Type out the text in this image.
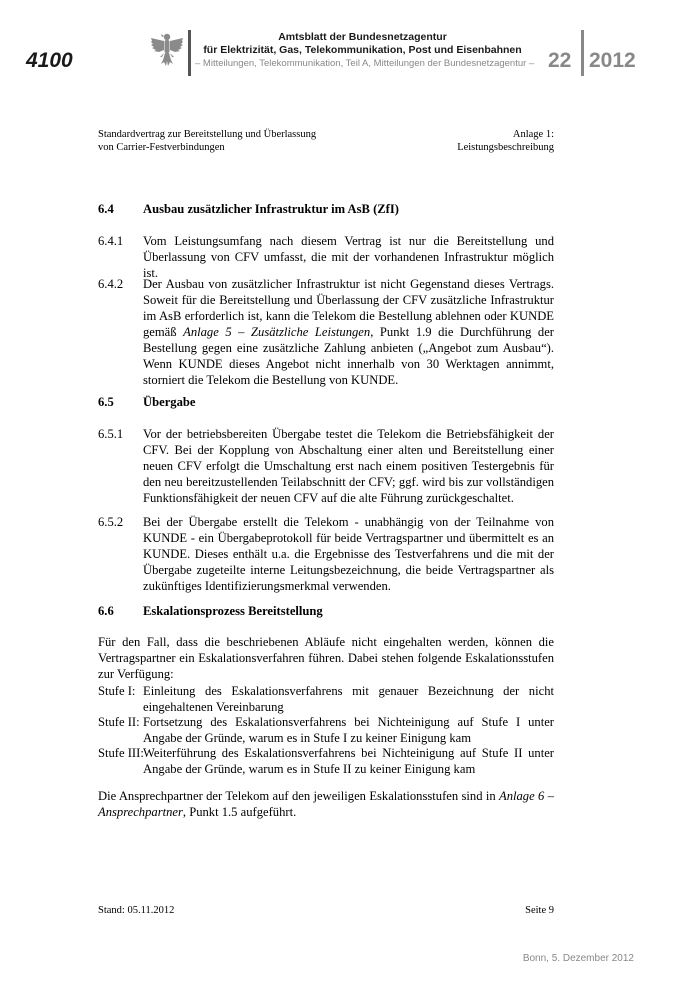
4100
Amtsblatt der Bundesnetzagentur
für Elektrizität, Gas, Telekommunikation, Post und Eisenbahnen
– Mitteilungen, Telekommunikation, Teil A, Mitteilungen der Bundesnetzagentur – 22 2012
Standardvertrag zur Bereitstellung und Überlassung
von Carrier-Festverbindungen
Anlage 1:
Leistungsbeschreibung
6.4 Ausbau zusätzlicher Infrastruktur im AsB (ZfI)
6.4.1 Vom Leistungsumfang nach diesem Vertrag ist nur die Bereitstellung und Überlassung von CFV umfasst, die mit der vorhandenen Infrastruktur möglich ist.
6.4.2 Der Ausbau von zusätzlicher Infrastruktur ist nicht Gegenstand dieses Vertrags. Soweit für die Bereitstellung und Überlassung der CFV zusätzliche Infrastruktur im AsB erforderlich ist, kann die Telekom die Bestellung ablehnen oder KUNDE gemäß Anlage 5 – Zusätzliche Leistungen, Punkt 1.9 die Durchführung der Bestellung gegen eine zusätzliche Zahlung anbieten („Angebot zum Ausbau“). Wenn KUNDE dieses Angebot nicht innerhalb von 30 Werktagen annimmt, storniert die Telekom die Bestellung von KUNDE.
6.5 Übergabe
6.5.1 Vor der betriebsbereiten Übergabe testet die Telekom die Betriebsfähigkeit der CFV. Bei der Kopplung von Abschaltung einer alten und Bereitstellung einer neuen CFV erfolgt die Umschaltung erst nach einem positiven Testergebnis für den neu bereitzustellenden Teilabschnitt der CFV; ggf. wird bis zur vollständigen Funktionsfähigkeit der neuen CFV auf die alte Führung zurückgeschaltet.
6.5.2 Bei der Übergabe erstellt die Telekom - unabhängig von der Teilnahme von KUNDE - ein Übergabeprotokoll für beide Vertragspartner und übermittelt es an KUNDE. Dieses enthält u.a. die Ergebnisse des Testverfahrens und die mit der Übergabe zugeteilte interne Leitungsbezeichnung, die beide Vertragspartner als zukünftiges Identifizierungsmerkmal verwenden.
6.6 Eskalationsprozess Bereitstellung
Für den Fall, dass die beschriebenen Abläufe nicht eingehalten werden, können die Vertragspartner ein Eskalationsverfahren führen. Dabei stehen folgende Eskalationsstufen zur Verfügung:
Stufe I: Einleitung des Eskalationsverfahrens mit genauer Bezeichnung der nicht eingehaltenen Vereinbarung
Stufe II: Fortsetzung des Eskalationsverfahrens bei Nichteinigung auf Stufe I unter Angabe der Gründe, warum es in Stufe I zu keiner Einigung kam
Stufe III: Weiterführung des Eskalationsverfahrens bei Nichteinigung auf Stufe II unter Angabe der Gründe, warum es in Stufe II zu keiner Einigung kam
Die Ansprechpartner der Telekom auf den jeweiligen Eskalationsstufen sind in Anlage 6 – Ansprechpartner, Punkt 1.5 aufgeführt.
Stand: 05.11.2012	Seite 9
Bonn, 5. Dezember 2012
